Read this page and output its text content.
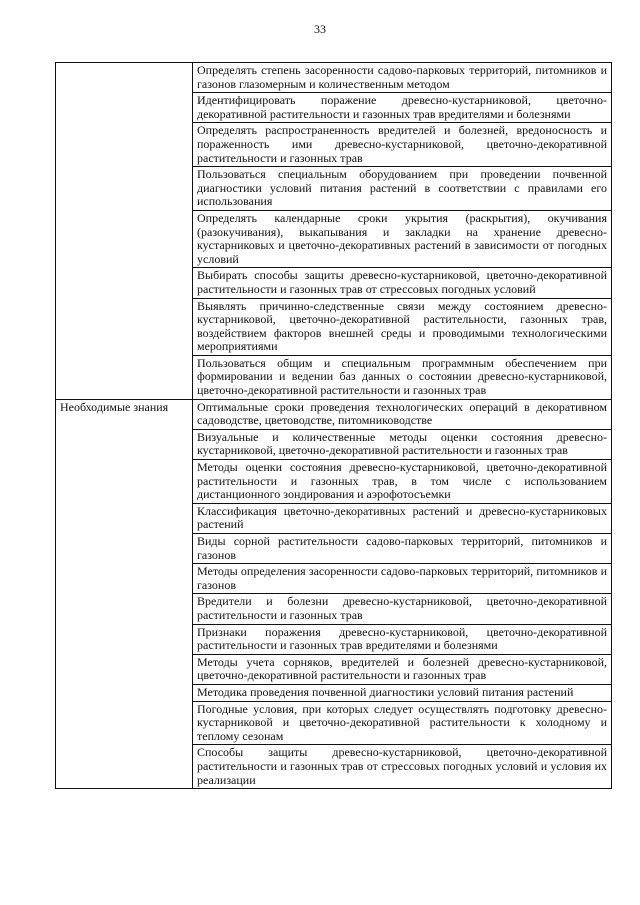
33
	Определять степень засоренности садово-парковых территорий, питомников и газонов глазомерным и количественным методом
	Идентифицировать поражение древесно-кустарниковой, цветочно-декоративной растительности и газонных трав вредителями и болезнями
	Определять распространенность вредителей и болезней, вредоносность и пораженность ими древесно-кустарниковой, цветочно-декоративной растительности и газонных трав
	Пользоваться специальным оборудованием при проведении почвенной диагностики условий питания растений в соответствии с правилами его использования
	Определять календарные сроки укрытия (раскрытия), окучивания (разокучивания), выкапывания и закладки на хранение древесно-кустарниковых и цветочно-декоративных растений в зависимости от погодных условий
	Выбирать способы защиты древесно-кустарниковой, цветочно-декоративной растительности и газонных трав от стрессовых погодных условий
	Выявлять причинно-следственные связи между состоянием древесно-кустарниковой, цветочно-декоративной растительности, газонных трав, воздействием факторов внешней среды и проводимыми технологическими мероприятиями
	Пользоваться общим и специальным программным обеспечением при формировании и ведении баз данных о состоянии древесно-кустарниковой, цветочно-декоративной растительности и газонных трав
Необходимые знания	Оптимальные сроки проведения технологических операций в декоративном садоводстве, цветоводстве, питомниководстве
	Визуальные и количественные методы оценки состояния древесно-кустарниковой, цветочно-декоративной растительности и газонных трав
	Методы оценки состояния древесно-кустарниковой, цветочно-декоративной растительности и газонных трав, в том числе с использованием дистанционного зондирования и аэрофотосъемки
	Классификация цветочно-декоративных растений и древесно-кустарниковых растений
	Виды сорной растительности садово-парковых территорий, питомников и газонов
	Методы определения засоренности садово-парковых территорий, питомников и газонов
	Вредители и болезни древесно-кустарниковой, цветочно-декоративной растительности и газонных трав
	Признаки поражения древесно-кустарниковой, цветочно-декоративной растительности и газонных трав вредителями и болезнями
	Методы учета сорняков, вредителей и болезней древесно-кустарниковой, цветочно-декоративной растительности и газонных трав
	Методика проведения почвенной диагностики условий питания растений
	Погодные условия, при которых следует осуществлять подготовку древесно-кустарниковой и цветочно-декоративной растительности к холодному и теплому сезонам
	Способы защиты древесно-кустарниковой, цветочно-декоративной растительности и газонных трав от стрессовых погодных условий и условия их реализации
